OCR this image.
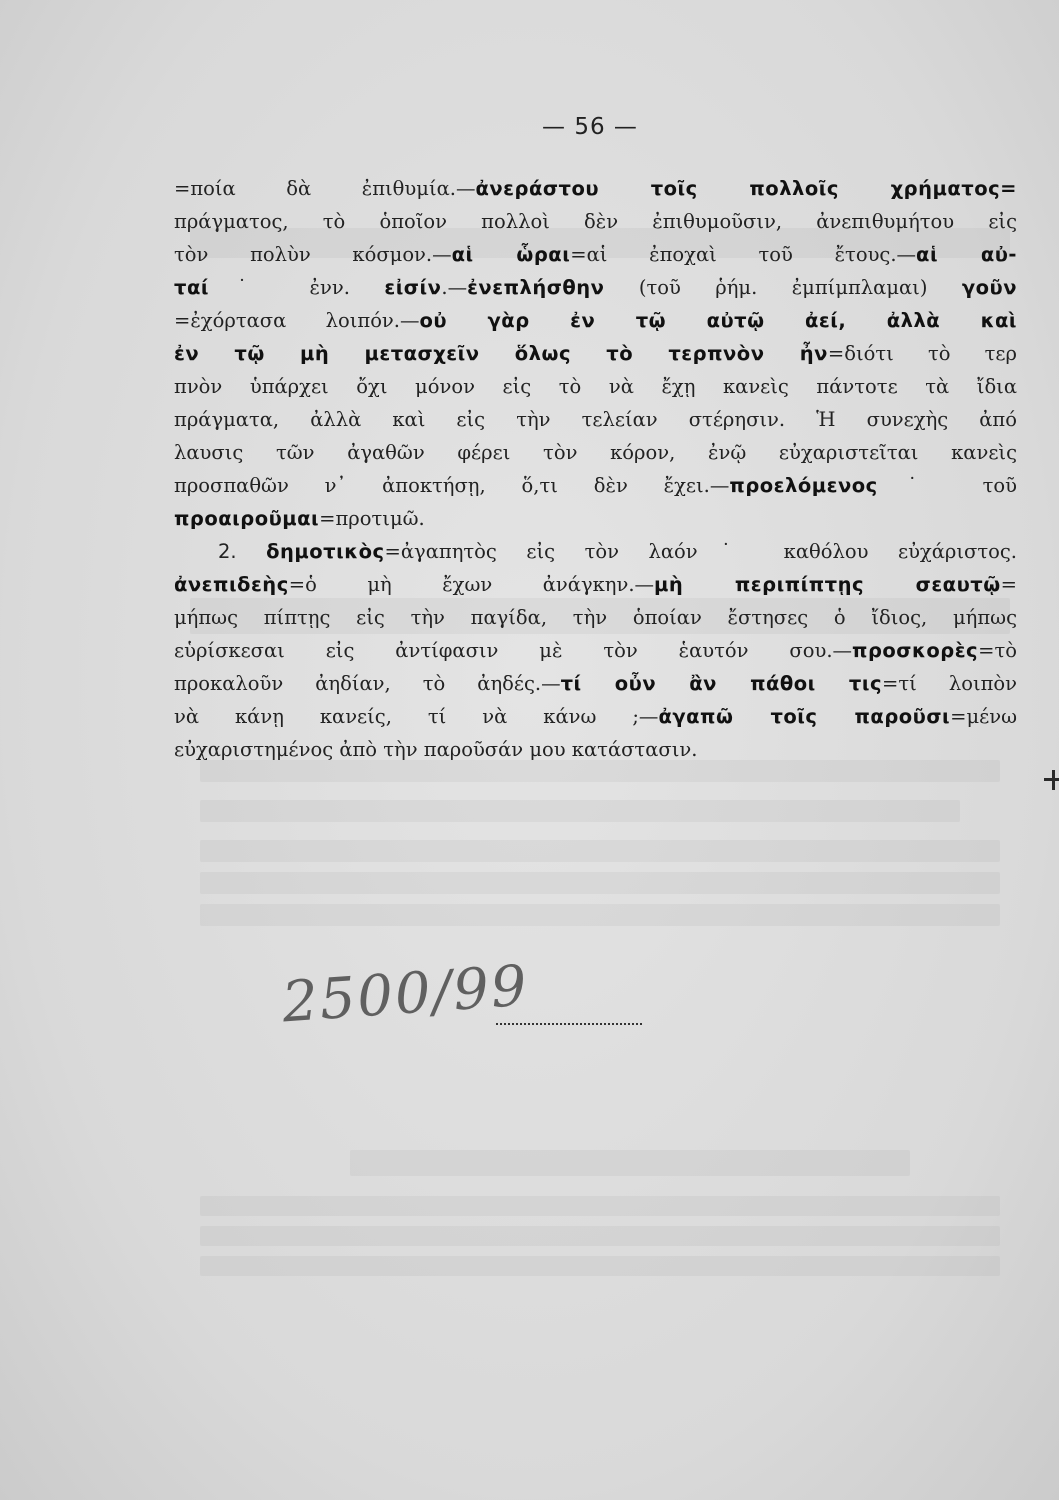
— 56 —
=ποία δὰ ἐπιθυμία.—ἀνεράστου τοῖς πολλοῖς χρήματος=
πράγματος, τὸ ὁποῖον πολλοὶ δὲν ἐπιθυμοῦσιν, ἀνεπιθυμήτου εἰς
τὸν πολὺν κόσμον.—αἱ ὧραι=αἱ ἐποχαὶ τοῦ ἔτους.—αἱ αὐ-
ταί˙ ἐνν. εἰσίν.—ἐνεπλήσθην (τοῦ ῥήμ. ἐμπίμπλαμαι) γοῦν
=ἐχόρτασα λοιπόν.—οὐ γὰρ ἐν τῷ αὐτῷ ἀεί, ἀλλὰ καὶ
ἐν τῷ μὴ μετασχεῖν ὅλως τὸ τερπνὸν ἦν=διότι τὸ τερ
πνὸν ὑπάρχει ὄχι μόνον εἰς τὸ νὰ ἔχῃ κανεὶς πάντοτε τὰ ἴδια
πράγματα, ἀλλὰ καὶ εἰς τὴν τελείαν στέρησιν. Ἡ συνεχὴς ἀπό
λαυσις τῶν ἀγαθῶν φέρει τὸν κόρον, ἐνῷ εὐχαριστεῖται κανεὶς
προσπαθῶν ν᾿ ἀποκτήσῃ, ὅ,τι δὲν ἔχει.—προελόμενος˙ τοῦ
προαιροῦμαι=προτιμῶ.
2. δημοτικὸς=ἀγαπητὸς εἰς τὸν λαόν˙ καθόλου εὐχάριστος.
ἀνεπιδεὴς=ὁ μὴ ἔχων ἀνάγκην.—μὴ περιπίπτῃς σεαυτῷ=
μήπως πίπτῃς εἰς τὴν παγίδα, τὴν ὁποίαν ἔστησες ὁ ἴδιος, μήπως
εὑρίσκεσαι εἰς ἀντίφασιν μὲ τὸν ἑαυτόν σου.—προσκορὲς=τὸ
προκαλοῦν ἀηδίαν, τὸ ἀηδές.—τί οὖν ἂν πάθοι τις=τί λοιπὸν
νὰ κάνῃ κανείς, τί νὰ κάνω ;—ἀγαπῶ τοῖς παροῦσι=μένω
εὐχαριστημένος ἀπὸ τὴν παροῦσάν μου κατάστασιν.
2500/99
